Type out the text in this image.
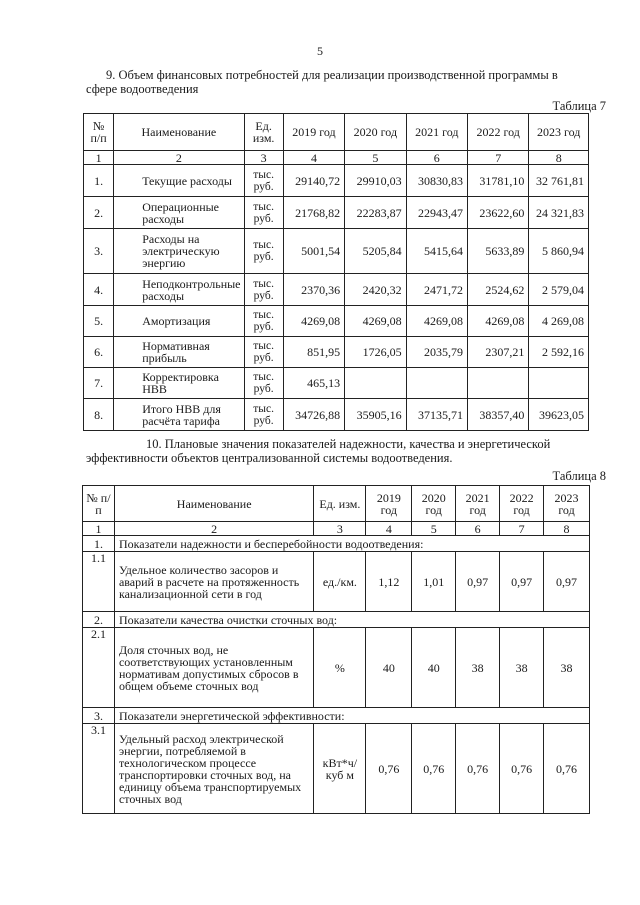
5
9. Объем финансовых потребностей для реализации производственной программы в
сфере водоотведения
Таблица 7
№ п/п	Наименование	Ед. изм.	2019 год	2020 год	2021 год	2022 год	2023 год
1	2	3	4	5	6	7	8
1.	Текущие расходы	тыс. руб.	29140,72	29910,03	30830,83	31781,10	32 761,81
2.	Операционные расходы	тыс. руб.	21768,82	22283,87	22943,47	23622,60	24 321,83
3.	Расходы на электрическую энергию	тыс. руб.	5001,54	5205,84	5415,64	5633,89	5 860,94
4.	Неподконтрольные расходы	тыс. руб.	2370,36	2420,32	2471,72	2524,62	2 579,04
5.	Амортизация	тыс. руб.	4269,08	4269,08	4269,08	4269,08	4 269,08
6.	Нормативная прибыль	тыс. руб.	851,95	1726,05	2035,79	2307,21	2 592,16
7.	Корректировка НВВ	тыс. руб.	465,13				
8.	Итого НВВ для расчёта тарифа	тыс. руб.	34726,88	35905,16	37135,71	38357,40	39623,05
10. Плановые значения показателей надежности, качества и энергетической
эффективности объектов централизованной системы водоотведения.
Таблица 8
№ п/п	Наименование	Ед. изм.	2019 год	2020 год	2021 год	2022 год	2023 год
1	2	3	4	5	6	7	8
1.	Показатели надежности и бесперебойности водоотведения:						
1.1	Удельное количество засоров и аварий в расчете на протяженность канализационной сети в год	ед./км.	1,12	1,01	0,97	0,97	0,97
2.	Показатели качества очистки сточных вод:						
2.1	Доля сточных вод, не соответствующих установленным нормативам допустимых сбросов в общем объеме сточных вод	%	40	40	38	38	38
3.	Показатели энергетической эффективности:						
3.1	Удельный расход электрической энергии, потребляемой в технологическом процессе транспортировки сточных вод, на единицу объема транспортируемых сточных вод	кВт*ч/ куб м	0,76	0,76	0,76	0,76	0,76
